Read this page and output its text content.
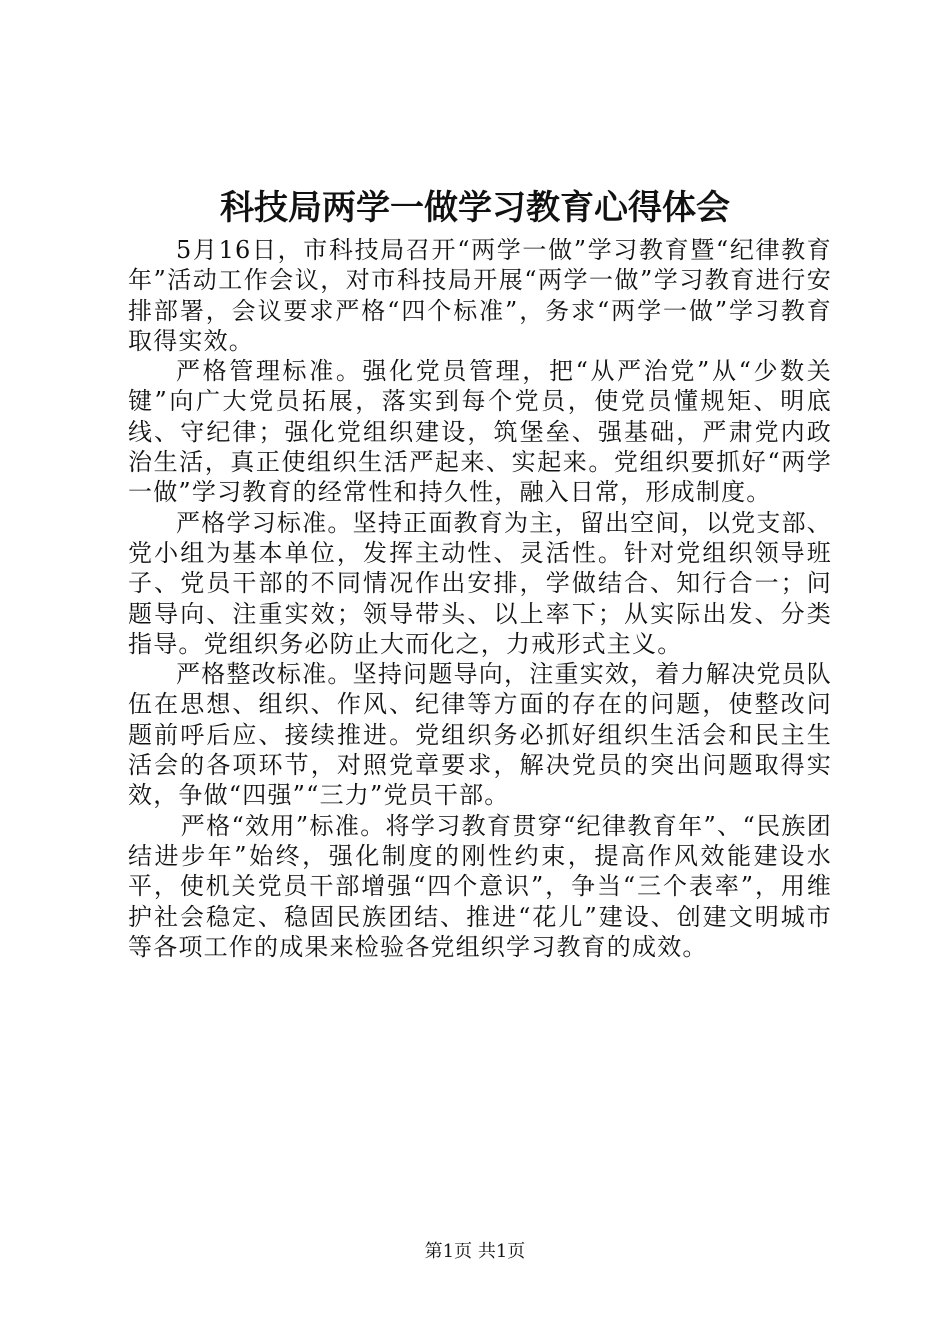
科技局两学一做学习教育心得体会

5月16日，市科技局召开“两学一做”学习教育暨“纪律教育年”活动工作会议，对市科技局开展“两学一做”学习教育进行安排部署，会议要求严格“四个标准”，务求“两学一做”学习教育取得实效。

严格管理标准。强化党员管理，把“从严治党”从“少数关键”向广大党员拓展，落实到每个党员，使党员懂规矩、明底线、守纪律；强化党组织建设，筑堡垒、强基础，严肃党内政治生活，真正使组织生活严起来、实起来。党组织要抓好“两学一做”学习教育的经常性和持久性，融入日常，形成制度。

严格学习标准。坚持正面教育为主，留出空间，以党支部、党小组为基本单位，发挥主动性、灵活性。针对党组织领导班子、党员干部的不同情况作出安排，学做结合、知行合一；问题导向、注重实效；领导带头、以上率下；从实际出发、分类指导。党组织务必防止大而化之，力戒形式主义。

严格整改标准。坚持问题导向，注重实效，着力解决党员队伍在思想、组织、作风、纪律等方面的存在的问题，使整改问题前呼后应、接续推进。党组织务必抓好组织生活会和民主生活会的各项环节，对照党章要求，解决党员的突出问题取得实效，争做“四强”“三力”党员干部。

严格“效用”标准。将学习教育贯穿“纪律教育年”、“民族团结进步年”始终，强化制度的刚性约束，提高作风效能建设水平，使机关党员干部增强“四个意识”，争当“三个表率”，用维护社会稳定、稳固民族团结、推进“花儿”建设、创建文明城市等各项工作的成果来检验各党组织学习教育的成效。

第1页 共1页
